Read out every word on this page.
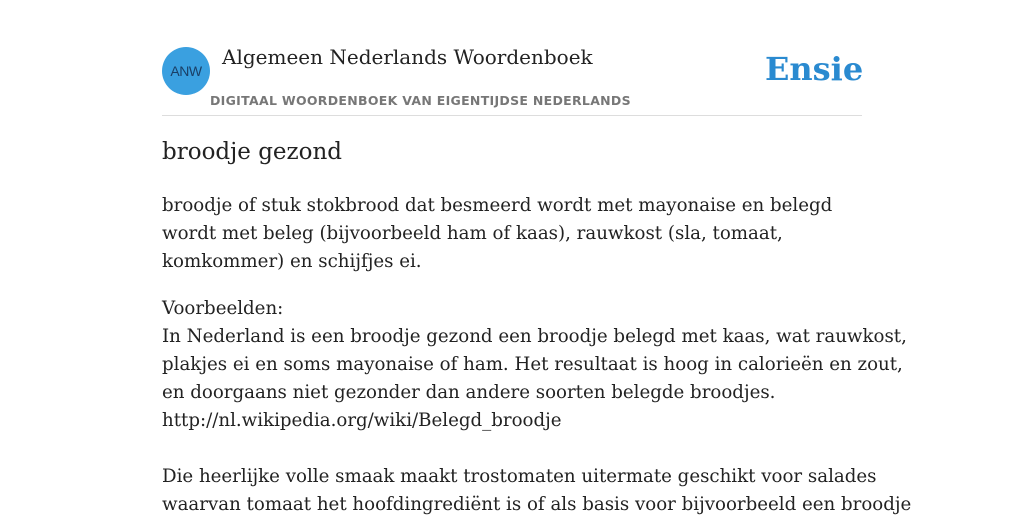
ANW
Algemeen Nederlands Woordenboek
DIGITAAL WOORDENBOEK VAN EIGENTIJDSE NEDERLANDS
Ensie
broodje gezond

broodje of stuk stokbrood dat besmeerd wordt met mayonaise en belegd wordt met beleg (bijvoorbeeld ham of kaas), rauwkost (sla, tomaat, komkommer) en schijfjes ei.

Voorbeelden:
In Nederland is een broodje gezond een broodje belegd met kaas, wat rauwkost,
plakjes ei en soms mayonaise of ham. Het resultaat is hoog in calorieën en zout,
en doorgaans niet gezonder dan andere soorten belegde broodjes.
http://nl.wikipedia.org/wiki/Belegd_broodje
Die heerlijke volle smaak maakt trostomaten uitermate geschikt voor salades
waarvan tomaat het hoofdingrediënt is of als basis voor bijvoorbeeld een broodje
